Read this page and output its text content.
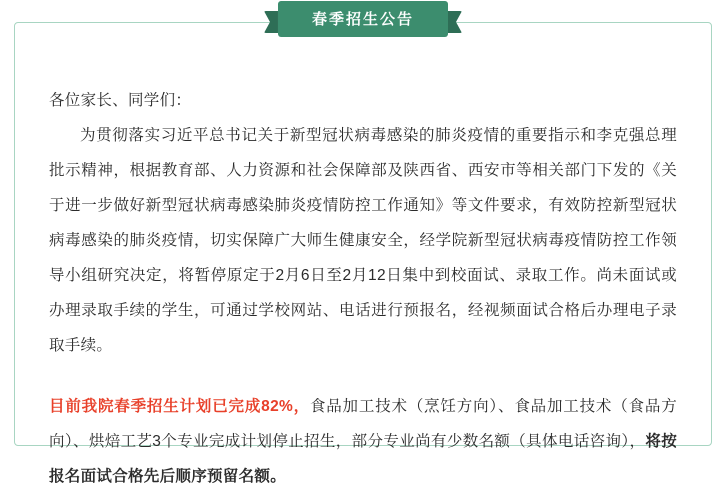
春季招生公告

各位家长、同学们：

为贯彻落实习近平总书记关于新型冠状病毒感染的肺炎疫情的重要指示和李克强总理批示精神，根据教育部、人力资源和社会保障部及陕西省、西安市等相关部门下发的《关于进一步做好新型冠状病毒感染肺炎疫情防控工作通知》等文件要求，有效防控新型冠状病毒感染的肺炎疫情，切实保障广大师生健康安全，经学院新型冠状病毒疫情防控工作领导小组研究决定，将暂停原定于2月6日至2月12日集中到校面试、录取工作。尚未面试或办理录取手续的学生，可通过学校网站、电话进行预报名，经视频面试合格后办理电子录取手续。

目前我院春季招生计划已完成82%，食品加工技术（烹饪方向）、食品加工技术（食品方向）、烘焙工艺3个专业完成计划停止招生，部分专业尚有少数名额（具体电话咨询），将按报名面试合格先后顺序预留名额。
